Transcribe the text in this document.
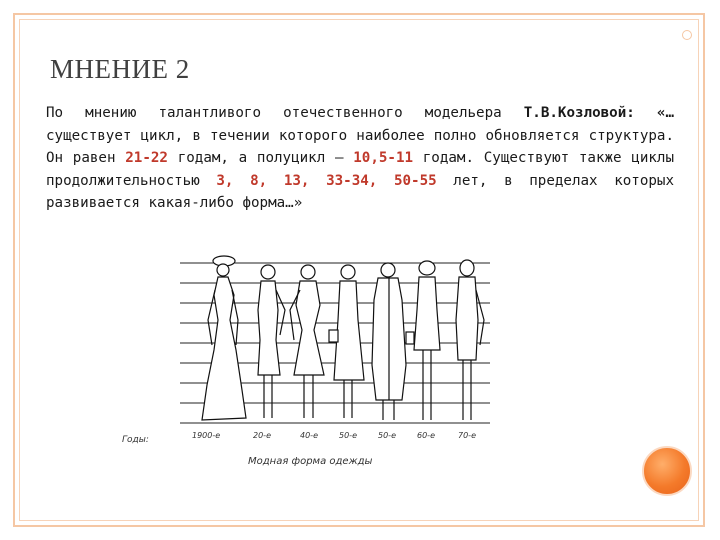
МНЕНИЕ 2
По мнению талантливого отечественного модельера Т.В.Козловой: «…существует цикл, в течении которого наиболее полно обновляется структура. Он равен 21-22 годам, а полуцикл – 10,5-11 годам. Существуют также циклы продолжительностью 3, 8, 13, 33-34, 50-55 лет, в пределах которых развивается какая-либо форма…»
Годы:	1900-е	20-е	40-е	50-е	50-е	60-е	70-е
Модная форма одежды
